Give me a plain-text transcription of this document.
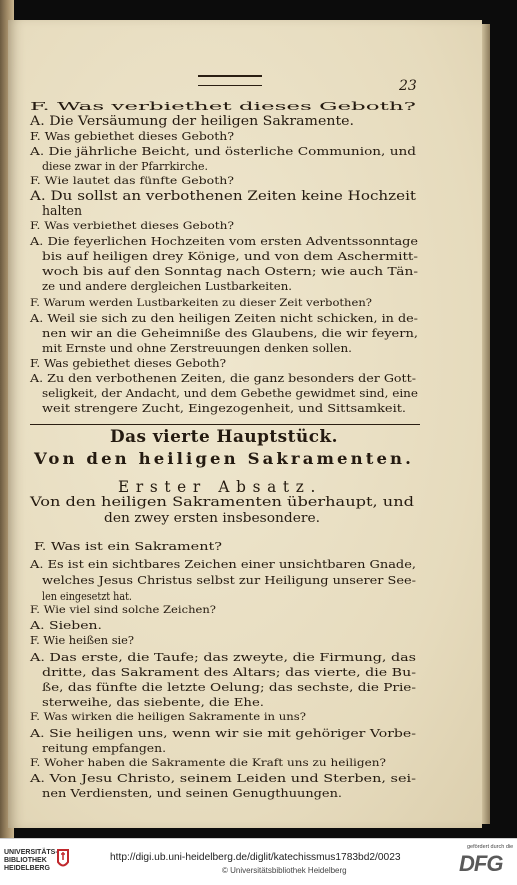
23
F. Was verbiethet dieses Geboth?
A. Die Versäumung der heiligen Sakramente.
F. Was gebiethet dieses Geboth?
A. Die jährliche Beicht, und österliche Communion, und
diese zwar in der Pfarrkirche.
F. Wie lautet das fünfte Geboth?
A. Du sollst an verbothenen Zeiten keine Hochzeit
halten
F. Was verbiethet dieses Geboth?
A. Die feyerlichen Hochzeiten vom ersten Adventssonntage
bis auf heiligen drey Könige, und von dem Aschermitt-
woch bis auf den Sonntag nach Ostern; wie auch Tän-
ze und andere dergleichen Lustbarkeiten.
F. Warum werden Lustbarkeiten zu dieser Zeit verbothen?
A. Weil sie sich zu den heiligen Zeiten nicht schicken, in de-
nen wir an die Geheimniße des Glaubens, die wir feyern,
mit Ernste und ohne Zerstreuungen denken sollen.
F. Was gebiethet dieses Geboth?
A. Zu den verbothenen Zeiten, die ganz besonders der Gott-
seligkeit, der Andacht, und dem Gebethe gewidmet sind, eine
weit strengere Zucht, Eingezogenheit, und Sittsamkeit.
Das vierte Hauptstück.
Von den heiligen Sakramenten.
Erster Absatz.
Von den heiligen Sakramenten überhaupt, und
den zwey ersten insbesondere.
F. Was ist ein Sakrament?
A. Es ist ein sichtbares Zeichen einer unsichtbaren Gnade,
welches Jesus Christus selbst zur Heiligung unserer See-
len eingesetzt hat.
F. Wie viel sind solche Zeichen?
A. Sieben.
F. Wie heißen sie?
A. Das erste, die Taufe; das zweyte, die Firmung, das
dritte, das Sakrament des Altars; das vierte, die Bu-
ße, das fünfte die letzte Oelung; das sechste, die Prie-
sterweihe, das siebente, die Ehe.
F. Was wirken die heiligen Sakramente in uns?
A. Sie heiligen uns, wenn wir sie mit gehöriger Vorbe-
reitung empfangen.
F. Woher haben die Sakramente die Kraft uns zu heiligen?
A. Von Jesu Christo, seinem Leiden und Sterben, sei-
nen Verdiensten, und seinen Genugthuungen.
UNIVERSITÄTS-
BIBLIOTHEK
HEIDELBERG
http://digi.ub.uni-heidelberg.de/diglit/katechissmus1783bd2/0023
© Universitätsbibliothek Heidelberg
gefördert durch die
DFG
